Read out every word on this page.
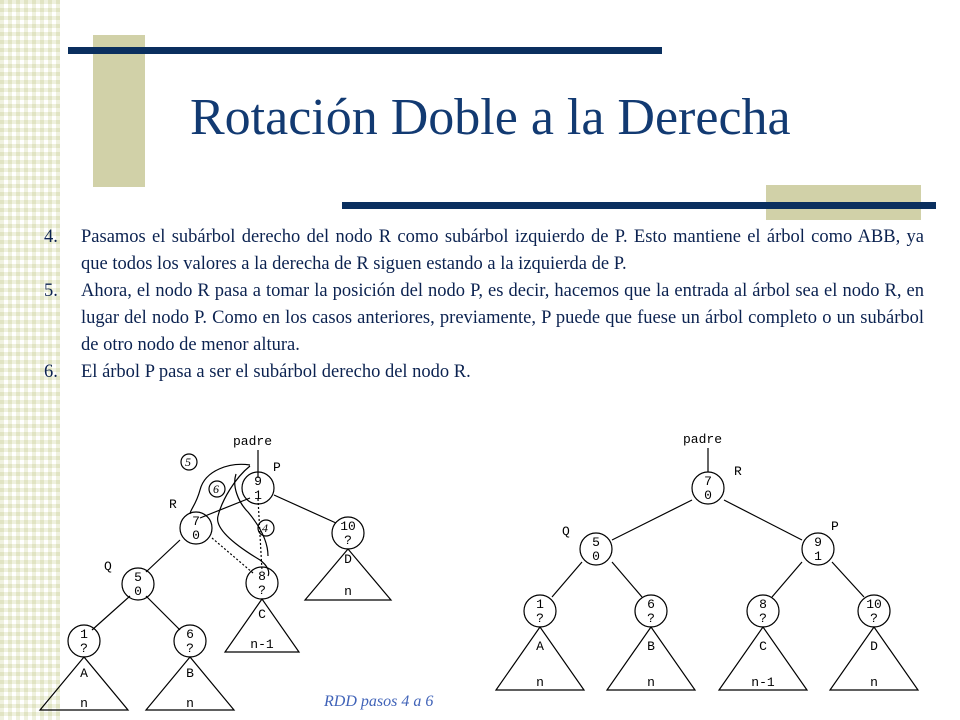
Rotación Doble a la Derecha
4. Pasamos el subárbol derecho del nodo R como subárbol izquierdo de P. Esto mantiene el árbol como ABB, ya que todos los valores a la derecha de R siguen estando a la izquierda de P.
5. Ahora, el nodo R pasa a tomar la posición del nodo P, es decir, hacemos que la entrada al árbol sea el nodo R, en lugar del nodo P. Como en los casos anteriores, previamente, P puede que fuese un árbol completo o un subárbol de otro nodo de menor altura.
6. El árbol P pasa a ser el subárbol derecho del nodo R.
padre
P
R
Q
5
6
4
9
1
7
0
10
?
5
0
8
?
1
?
6
?
D
n
C
n-1
A
n
B
n
padre
R
Q	P
7
0
5
0
9
1
1
?
6
?
8
?
10
?
A
n
B
n
C
n-1
D
n
RDD pasos 4 a 6
